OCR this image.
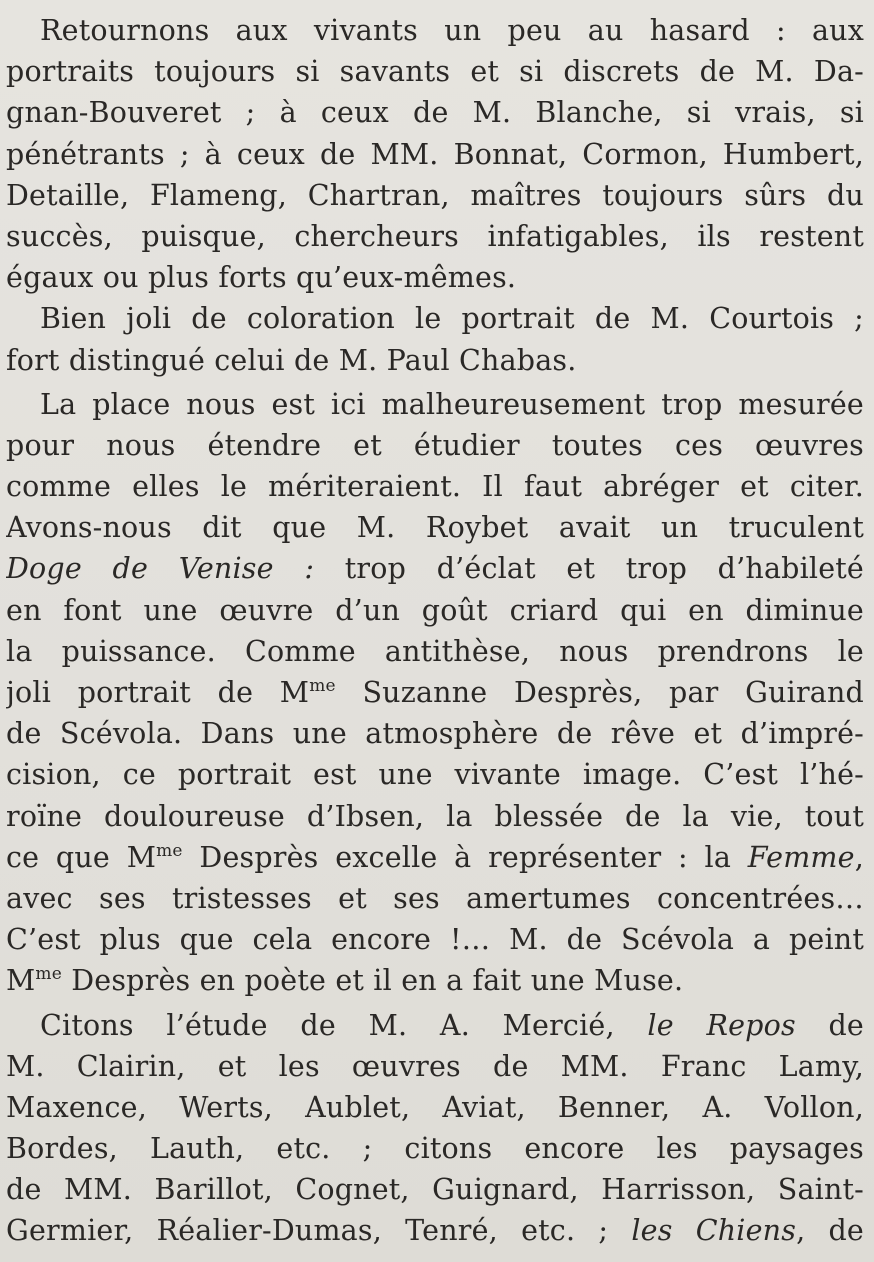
Retournons aux vivants un peu au hasard : aux
portraits toujours si savants et si discrets de M. Da-
gnan-Bouveret ; à ceux de M. Blanche, si vrais, si
pénétrants ; à ceux de MM. Bonnat, Cormon, Humbert,
Detaille, Flameng, Chartran, maîtres toujours sûrs du
succès, puisque, chercheurs infatigables, ils restent
égaux ou plus forts qu’eux-mêmes.
Bien joli de coloration le portrait de M. Courtois ;
fort distingué celui de M. Paul Chabas.
La place nous est ici malheureusement trop mesurée
pour nous étendre et étudier toutes ces œuvres
comme elles le mériteraient. Il faut abréger et citer.
Avons-nous dit que M. Roybet avait un truculent
Doge de Venise : trop d’éclat et trop d’habileté
en font une œuvre d’un goût criard qui en diminue
la puissance. Comme antithèse, nous prendrons le
joli portrait de $M^{me}$ Suzanne Desprès, par Guirand
de Scévola. Dans une atmosphère de rêve et d’impré-
cision, ce portrait est une vivante image. C’est l’hé-
roïne douloureuse d’Ibsen, la blessée de la vie, tout
ce que $M^{me}$ Desprès excelle à représenter : la Femme,
avec ses tristesses et ses amertumes concentrées…
C’est plus que cela encore !… M. de Scévola a peint
$M^{me}$ Desprès en poète et il en a fait une Muse.
Citons l’étude de M. A. Mercié, le Repos de
M. Clairin, et les œuvres de MM. Franc Lamy,
Maxence, Werts, Aublet, Aviat, Benner, A. Vollon,
Bordes, Lauth, etc. ; citons encore les paysages
de MM. Barillot, Cognet, Guignard, Harrisson, Saint-
Germier, Réalier-Dumas, Tenré, etc. ; les Chiens, de
